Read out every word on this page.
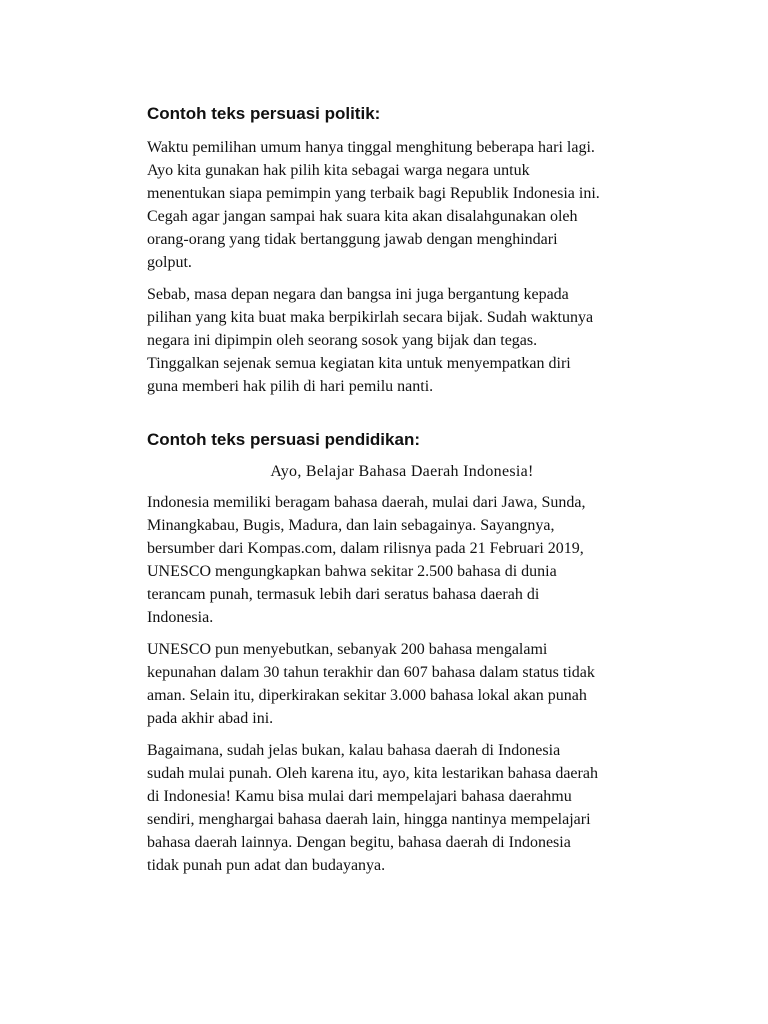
Contoh teks persuasi politik:

Waktu pemilihan umum hanya tinggal menghitung beberapa hari lagi.
Ayo kita gunakan hak pilih kita sebagai warga negara untuk
menentukan siapa pemimpin yang terbaik bagi Republik Indonesia ini.
Cegah agar jangan sampai hak suara kita akan disalahgunakan oleh
orang-orang yang tidak bertanggung jawab dengan menghindari
golput.

Sebab, masa depan negara dan bangsa ini juga bergantung kepada
pilihan yang kita buat maka berpikirlah secara bijak. Sudah waktunya
negara ini dipimpin oleh seorang sosok yang bijak dan tegas.
Tinggalkan sejenak semua kegiatan kita untuk menyempatkan diri
guna memberi hak pilih di hari pemilu nanti.

Contoh teks persuasi pendidikan:

Ayo, Belajar Bahasa Daerah Indonesia!

Indonesia memiliki beragam bahasa daerah, mulai dari Jawa, Sunda,
Minangkabau, Bugis, Madura, dan lain sebagainya. Sayangnya,
bersumber dari Kompas.com, dalam rilisnya pada 21 Februari 2019,
UNESCO mengungkapkan bahwa sekitar 2.500 bahasa di dunia
terancam punah, termasuk lebih dari seratus bahasa daerah di
Indonesia.

UNESCO pun menyebutkan, sebanyak 200 bahasa mengalami
kepunahan dalam 30 tahun terakhir dan 607 bahasa dalam status tidak
aman. Selain itu, diperkirakan sekitar 3.000 bahasa lokal akan punah
pada akhir abad ini.

Bagaimana, sudah jelas bukan, kalau bahasa daerah di Indonesia
sudah mulai punah. Oleh karena itu, ayo, kita lestarikan bahasa daerah
di Indonesia! Kamu bisa mulai dari mempelajari bahasa daerahmu
sendiri, menghargai bahasa daerah lain, hingga nantinya mempelajari
bahasa daerah lainnya. Dengan begitu, bahasa daerah di Indonesia
tidak punah pun adat dan budayanya.
